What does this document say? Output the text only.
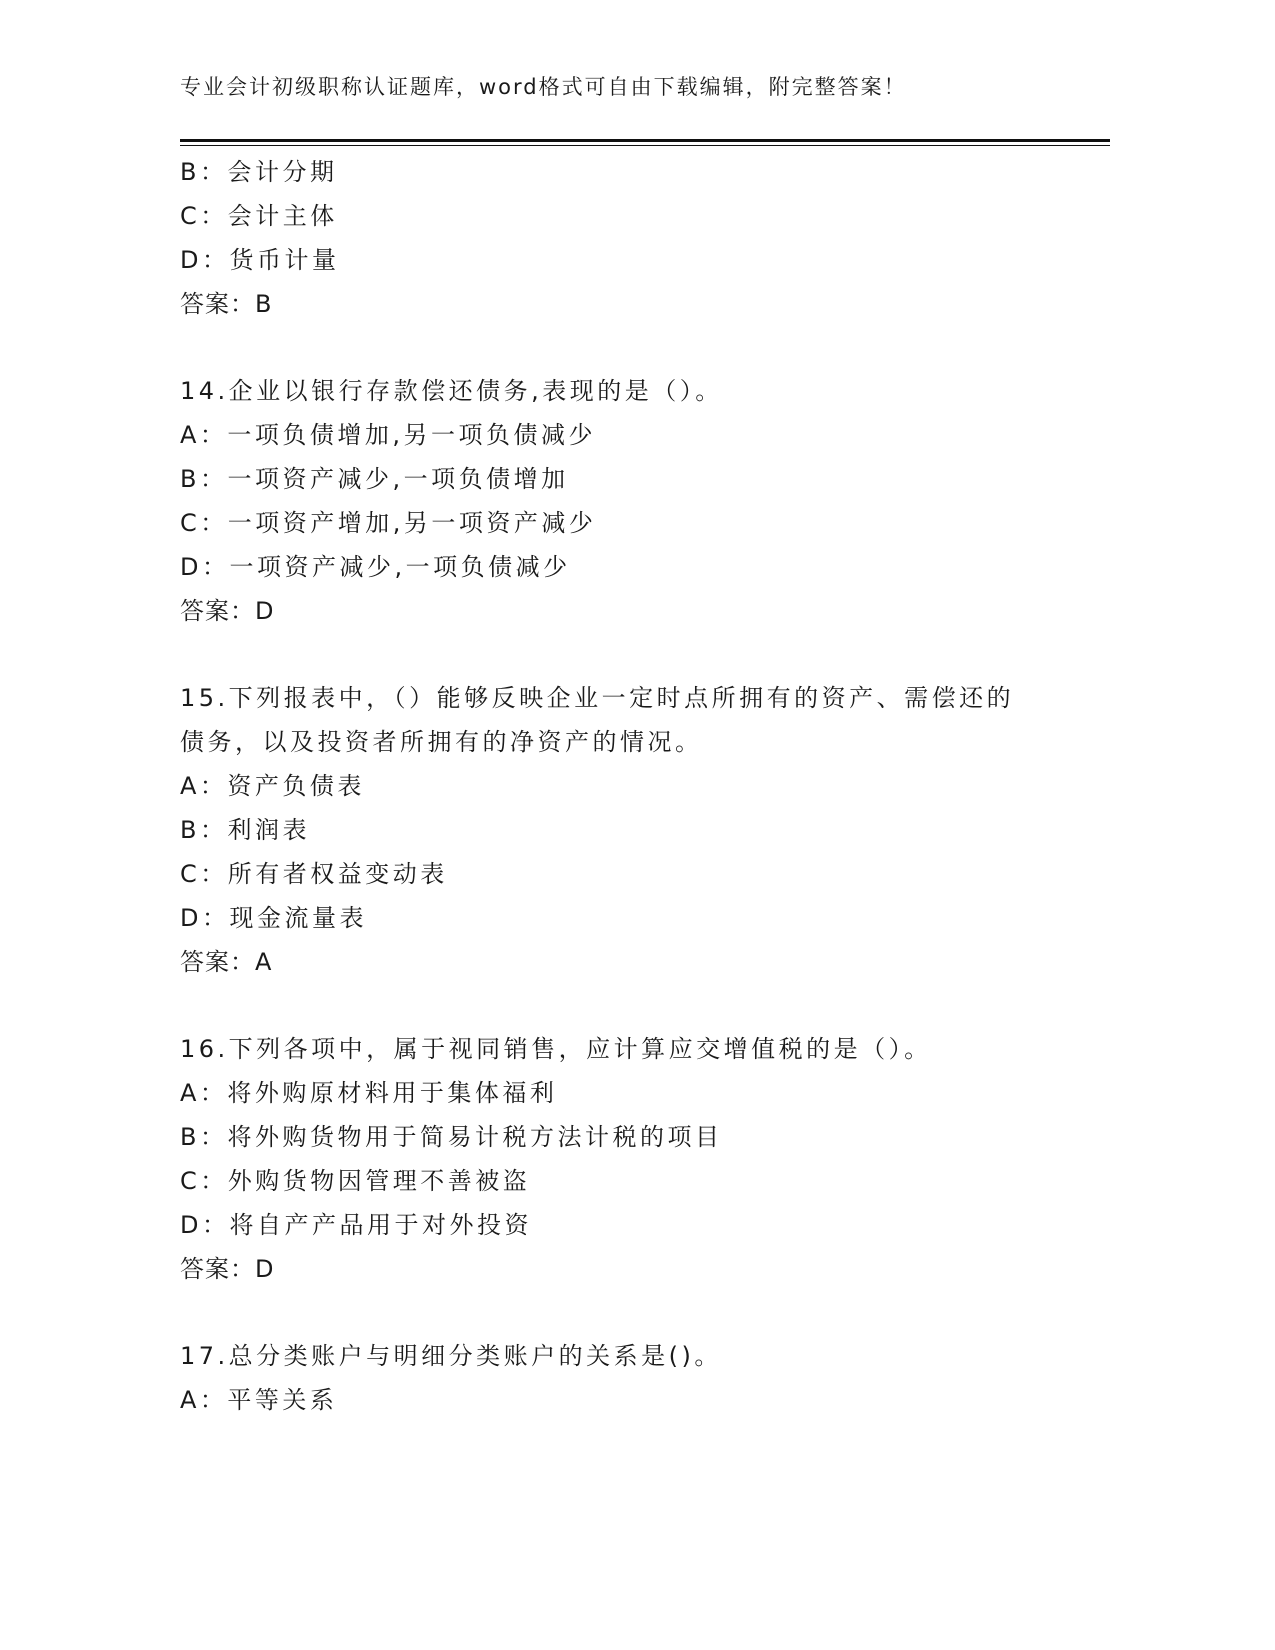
专业会计初级职称认证题库，word格式可自由下载编辑，附完整答案！
B：会计分期
C：会计主体
D：货币计量
答案：B
14.企业以银行存款偿还债务,表现的是（）。
A：一项负债增加,另一项负债减少
B：一项资产减少,一项负债增加
C：一项资产增加,另一项资产减少
D：一项资产减少,一项负债减少
答案：D
15.下列报表中，（）能够反映企业一定时点所拥有的资产、需偿还的
债务，以及投资者所拥有的净资产的情况。
A：资产负债表
B：利润表
C：所有者权益变动表
D：现金流量表
答案：A
16.下列各项中，属于视同销售，应计算应交增值税的是（）。
A：将外购原材料用于集体福利
B：将外购货物用于简易计税方法计税的项目
C：外购货物因管理不善被盗
D：将自产产品用于对外投资
答案：D
17.总分类账户与明细分类账户的关系是()。
A：平等关系
